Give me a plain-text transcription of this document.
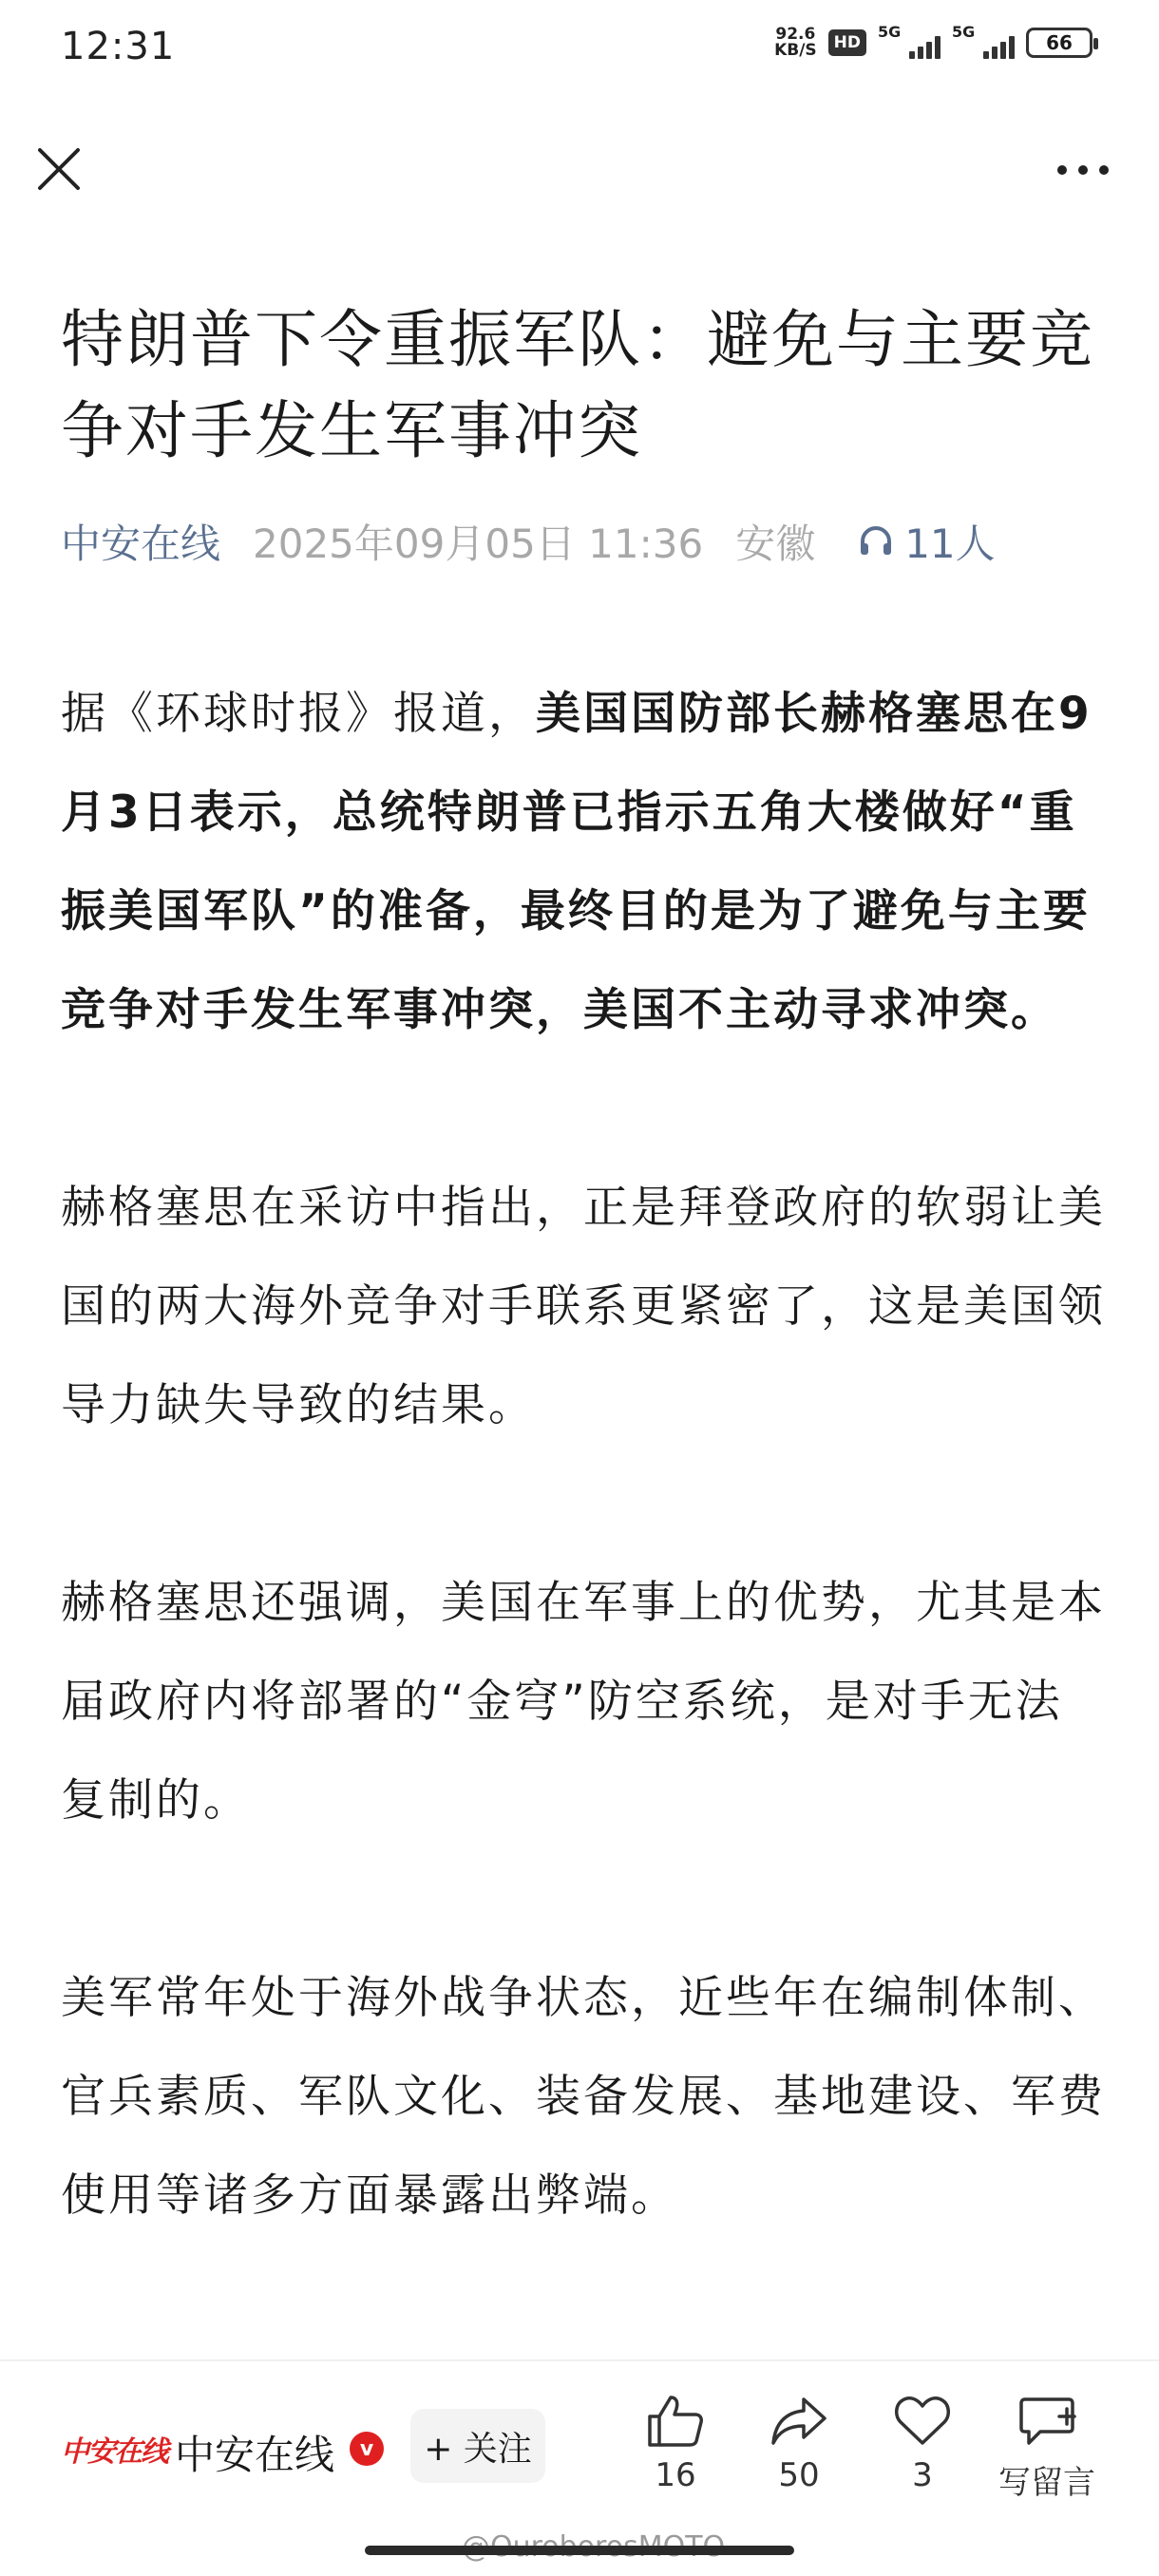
12:31	92.6
KB/S	HD
5G	5G	66
特朗普下令重振军队：避免与主要竞争对手发生军事冲突
中安在线 2025年09月05日 11:36 安徽 11人

据《环球时报》报道，美国国防部长赫格塞思在9月3日表示，总统特朗普已指示五角大楼做好“重振美国军队”的准备，最终目的是为了避免与主要竞争对手发生军事冲突，美国不主动寻求冲突。

赫格塞思在采访中指出，正是拜登政府的软弱让美国的两大海外竞争对手联系更紧密了，这是美国领导力缺失导致的结果。

赫格塞思还强调，美国在军事上的优势，尤其是本届政府内将部署的“金穹”防空系统，是对手无法复制的。

美军常年处于海外战争状态，近些年在编制体制、官兵素质、军队文化、装备发展、基地建设、军费使用等诸多方面暴露出弊端。

中安在线 中安在线	v	+ 关注
16	50	3	写留言
